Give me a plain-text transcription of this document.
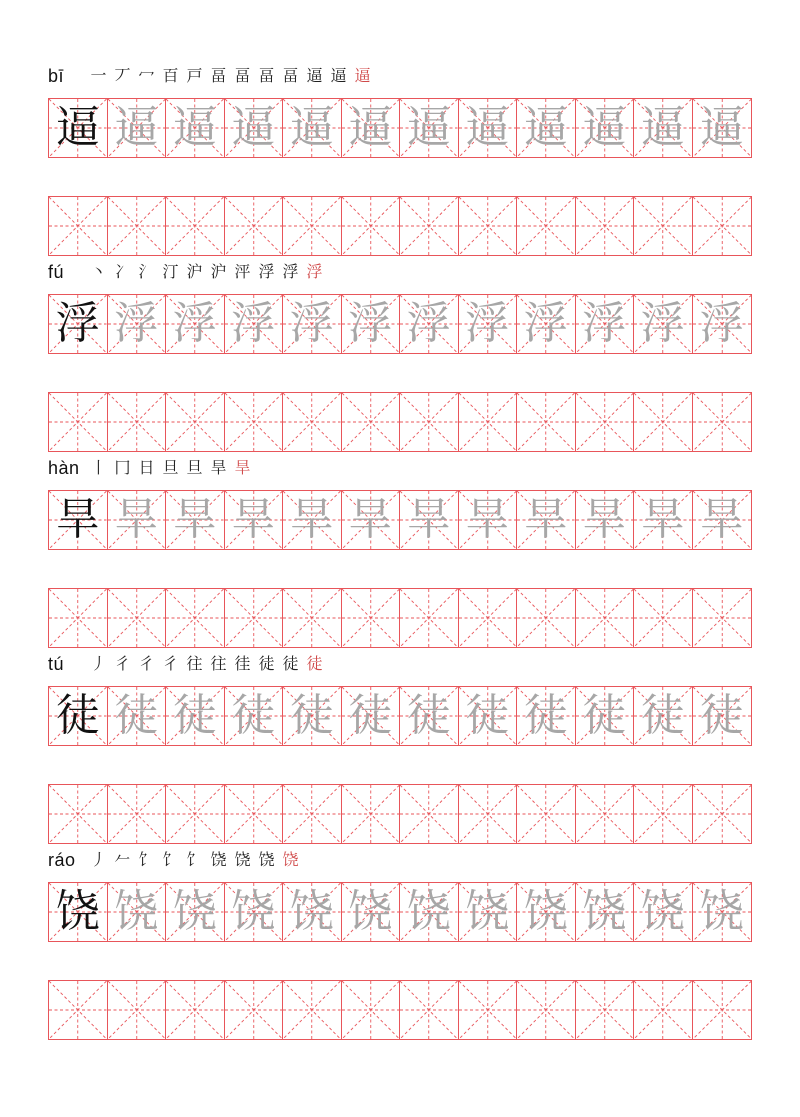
bī 一 丆 冖 百 戸 畐 畐 畐 畐 逼 逼 逼
逼 逼 逼 逼 逼 逼 逼 逼 逼 逼 逼 逼
fú 丶 冫 氵 汀 沪 沪 泙 浮 浮 浮
浮 浮 浮 浮 浮 浮 浮 浮 浮 浮 浮 浮
hàn 丨 冂 日 旦 旦 旱 旱
旱 旱 旱 旱 旱 旱 旱 旱 旱 旱 旱 旱
tú 丿 彳 彳 彳 往 往 徍 徒 徒 徒
徒 徒 徒 徒 徒 徒 徒 徒 徒 徒 徒 徒
ráo 丿 𠂉 饣 饣 饣 饶 饶 饶 饶
饶 饶 饶 饶 饶 饶 饶 饶 饶 饶 饶 饶
